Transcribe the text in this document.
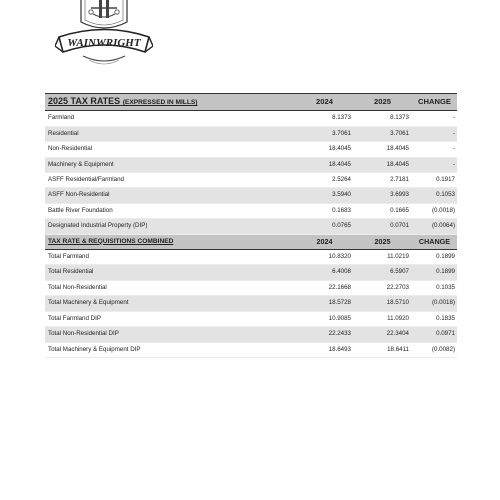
WAINWRIGHT
2025 TAX RATES (EXPRESSED IN MILLS)	2024	2025	CHANGE
Farmland	8.1373	8.1373	-
Residential	3.7061	3.7061	-
Non-Residential	18.4045	18.4045	-
Machinery & Equipment	18.4045	18.4045	-
ASFF Residential/Farmland	2.5264	2.7181	0.1917
ASFF Non-Residential	3.5940	3.6993	0.1053
Battle River Foundation	0.1683	0.1665	(0.0018)
Designated Industrial Property (DIP)	0.0765	0.0701	(0.0064)
TAX RATE & REQUISITIONS COMBINED	2024	2025	CHANGE
Total Farmland	10.8320	11.0219	0.1899
Total Residential	6.4008	6.5907	0.1899
Total Non-Residential	22.1668	22.2703	0.1035
Total Machinery & Equipment	18.5728	18.5710	(0.0018)
Total Farmland DIP	10.9085	11.0920	0.1835
Total Non-Residential DIP	22.2433	22.3404	0.0971
Total Machinery & Equipment DIP	18.6493	18.6411	(0.0082)
